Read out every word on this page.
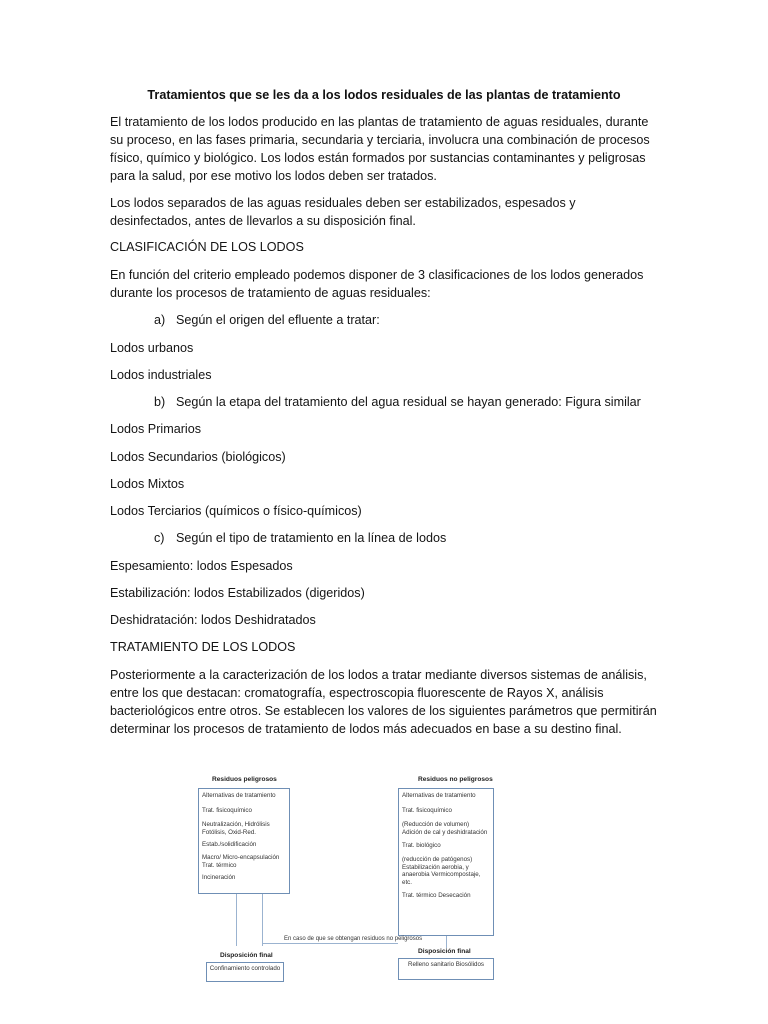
Tratamientos que se les da a los lodos residuales de las plantas de tratamiento

El tratamiento de los lodos producido en las plantas de tratamiento de aguas residuales, durante su proceso, en las fases primaria, secundaria y terciaria, involucra una combinación de procesos físico, químico y biológico. Los lodos están formados por sustancias contaminantes y peligrosas para la salud, por ese motivo los lodos deben ser tratados.

Los lodos separados de las aguas residuales deben ser estabilizados, espesados y desinfectados, antes de llevarlos a su disposición final.

CLASIFICACIÓN DE LOS LODOS

En función del criterio empleado podemos disponer de 3 clasificaciones de los lodos generados durante los procesos de tratamiento de aguas residuales:

a) Según el origen del efluente a tratar:
Lodos urbanos
Lodos industriales
b) Según la etapa del tratamiento del agua residual se hayan generado: Figura similar
Lodos Primarios
Lodos Secundarios (biológicos)
Lodos Mixtos
Lodos Terciarios (químicos o físico-químicos)
c) Según el tipo de tratamiento en la línea de lodos
Espesamiento: lodos Espesados
Estabilización: lodos Estabilizados (digeridos)
Deshidratación: lodos Deshidratados
TRATAMIENTO DE LOS LODOS

Posteriormente a la caracterización de los lodos a tratar mediante diversos sistemas de análisis, entre los que destacan: cromatografía, espectroscopia fluorescente de Rayos X, análisis bacteriológicos entre otros. Se establecen los valores de los siguientes parámetros que permitirán determinar los procesos de tratamiento de lodos más adecuados en base a su destino final.

Residuos peligrosos
Alternativas de tratamiento
Trat. fisicoquímico
Neutralización, Hidrólisis Fotólisis, Oxid-Red.
Estab./solidificación
Macro/ Micro-encapsulación Trat. térmico
Incineración
Residuos no peligrosos
Alternativas de tratamiento
Trat. fisicoquímico
(Reducción de volumen) Adición de cal y deshidratación
Trat. biológico
(reducción de patógenos) Estabilización aerobia, y anaerobia Vermicompostaje, etc.
Trat. térmico Desecación
En caso de que se obtengan residuos no peligrosos
Disposición final
Confinamiento controlado
Disposición final
Relleno sanitario Biosólidos
